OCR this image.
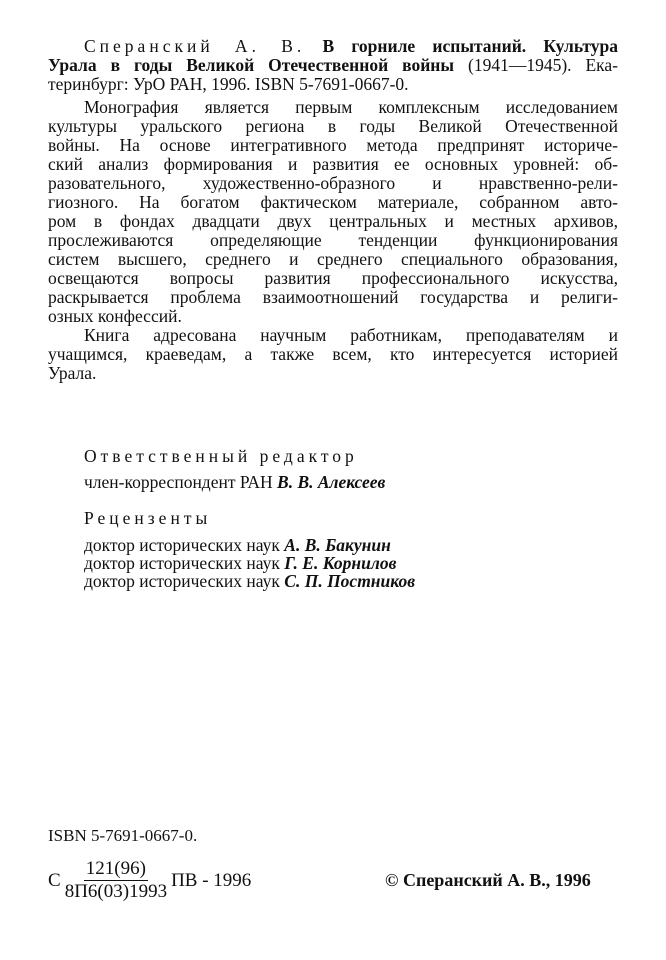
Сперанский А. В. В горниле испытаний. Культура
Урала в годы Великой Отечественной войны (1941—1945). Ека-
теринбург: УрО РАН, 1996. ISBN 5-7691-0667-0.
Монография является первым комплексным исследованием
культуры уральского региона в годы Великой Отечественной
войны. На основе интегративного метода предпринят историче-
ский анализ формирования и развития ее основных уровней: об-
разовательного, художественно-образного и нравственно-рели-
гиозного. На богатом фактическом материале, собранном авто-
ром в фондах двадцати двух центральных и местных архивов,
прослеживаются определяющие тенденции функционирования
систем высшего, среднего и среднего специального образования,
освещаются вопросы развития профессионального искусства,
раскрывается проблема взаимоотношений государства и религи-
озных конфессий.
Книга адресована научным работникам, преподавателям и
учащимся, краеведам, а также всем, кто интересуется историей
Урала.
Ответственный редактор
член-корреспондент РАН В. В. Алексеев
Рецензенты
доктор исторических наук А. В. Бакунин
доктор исторических наук Г. Е. Корнилов
доктор исторических наук С. П. Постников
ISBN 5-7691-0667-0.
С $\frac{121(96)}{8П6(03)1993}$ ПВ - 1996	© Сперанский А. В., 1996
